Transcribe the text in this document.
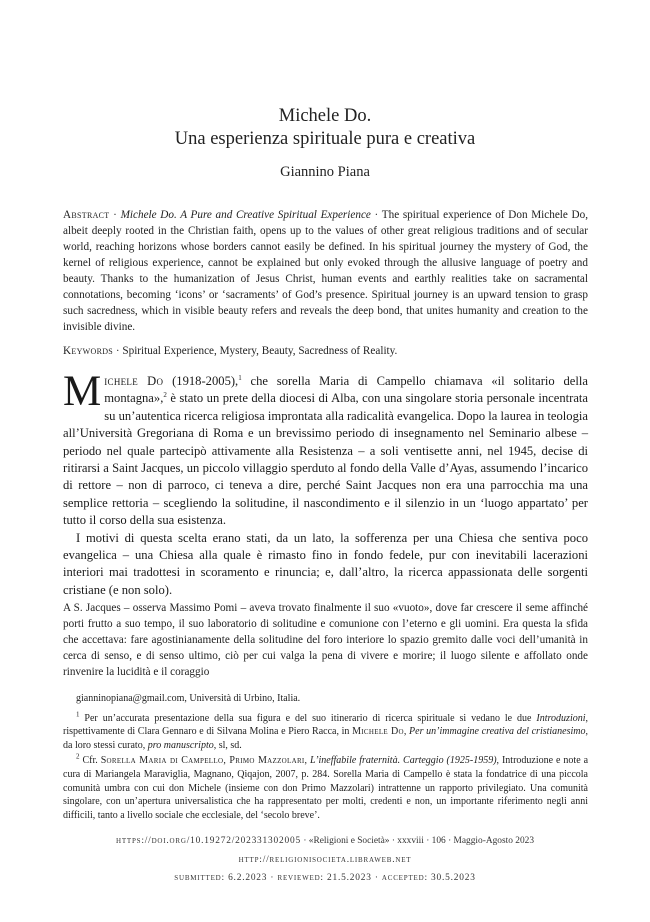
Michele Do.
Una esperienza spirituale pura e creativa
Giannino Piana
Abstract · Michele Do. A Pure and Creative Spiritual Experience · The spiritual experience of Don Michele Do, albeit deeply rooted in the Christian faith, opens up to the values of other great religious traditions and of secular world, reaching horizons whose borders cannot easily be defined. In his spiritual journey the mystery of God, the kernel of religious experience, cannot be explained but only evoked through the allusive language of poetry and beauty. Thanks to the humanization of Jesus Christ, human events and earthly realities take on sacramental connotations, becoming ‘icons’ or ‘sacraments’ of God’s presence. Spiritual journey is an upward tension to grasp such sacredness, which in visible beauty refers and reveals the deep bond, that unites humanity and creation to the invisible divine.
Keywords · Spiritual Experience, Mystery, Beauty, Sacredness of Reality.

Michele Do (1918-2005),$^1$ che sorella Maria di Campello chiamava «il solitario della montagna»,$^2$ è stato un prete della diocesi di Alba, con una singolare storia personale incentrata su un’autentica ricerca religiosa improntata alla radicalità evangelica. Dopo la laurea in teologia all’Università Gregoriana di Roma e un brevissimo periodo di insegnamento nel Seminario albese – periodo nel quale partecipò attivamente alla Resistenza – a soli ventisette anni, nel 1945, decise di ritirarsi a Saint Jacques, un piccolo villaggio sperduto al fondo della Valle d’Ayas, assumendo l’incarico di rettore – non di parroco, ci teneva a dire, perché Saint Jacques non era una parrocchia ma una semplice rettoria – scegliendo la solitudine, il nascondimento e il silenzio in un ‘luogo appartato’ per tutto il corso della sua esistenza.

I motivi di questa scelta erano stati, da un lato, la sofferenza per una Chiesa che sentiva poco evangelica – una Chiesa alla quale è rimasto fino in fondo fedele, pur con inevitabili lacerazioni interiori mai tradottesi in scoramento e rinuncia; e, dall’altro, la ricerca appassionata delle sorgenti cristiane (e non solo).

A S. Jacques – osserva Massimo Pomi – aveva trovato finalmente il suo «vuoto», dove far crescere il seme affinché porti frutto a suo tempo, il suo laboratorio di solitudine e comunione con l’eterno e gli uomini. Era questa la sfida che accettava: fare agostinianamente della solitudine del foro interiore lo spazio gremito dalle voci dell’umanità in cerca di senso, e di senso ultimo, ciò per cui valga la pena di vivere e morire; il luogo silente e affollato onde rinvenire la lucidità e il coraggio

gianninopiana@gmail.com, Università di Urbino, Italia.

$^1$ Per un’accurata presentazione della sua figura e del suo itinerario di ricerca spirituale si vedano le due Introduzioni, rispettivamente di Clara Gennaro e di Silvana Molina e Piero Racca, in Michele Do, Per un’immagine creativa del cristianesimo, da loro stessi curato, pro manuscripto, sl, sd.

$^2$ Cfr. Sorella Maria di Campello, Primo Mazzolari, L’ineffabile fraternità. Carteggio (1925-1959), Introduzione e note a cura di Mariangela Maraviglia, Magnano, Qiqajon, 2007, p. 284. Sorella Maria di Campello è stata la fondatrice di una piccola comunità umbra con cui don Michele (insieme con don Primo Mazzolari) intrattenne un rapporto privilegiato. Una comunità singolare, con un’apertura universalistica che ha rappresentato per molti, credenti e non, un importante riferimento negli anni difficili, tanto a livello sociale che ecclesiale, del ‘secolo breve’.

https://doi.org/10.19272/202331302005 · «Religioni e Società» · xxxviii · 106 · Maggio-Agosto 2023
http://religionisocieta.libraweb.net
submitted: 6.2.2023 · reviewed: 21.5.2023 · accepted: 30.5.2023
